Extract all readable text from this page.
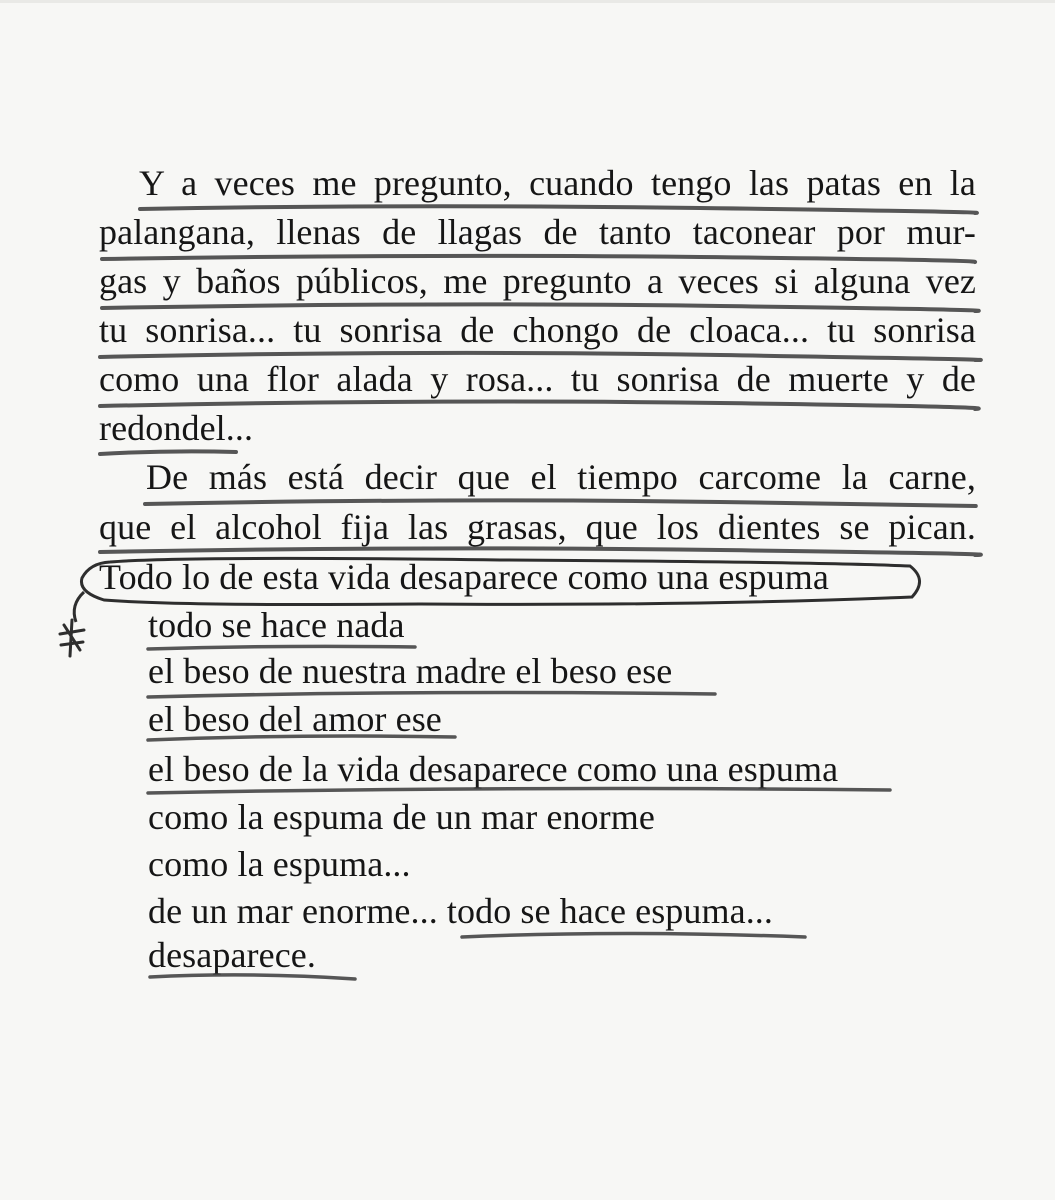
Y a veces me pregunto, cuando tengo las patas en la
palangana, llenas de llagas de tanto taconear por mur-
gas y baños públicos, me pregunto a veces si alguna vez
tu sonrisa... tu sonrisa de chongo de cloaca... tu sonrisa
como una flor alada y rosa... tu sonrisa de muerte y de
redondel...
De más está decir que el tiempo carcome la carne,
que el alcohol fija las grasas, que los dientes se pican.
Todo lo de esta vida desaparece como una espuma
todo se hace nada
el beso de nuestra madre el beso ese
el beso del amor ese
el beso de la vida desaparece como una espuma
como la espuma de un mar enorme
como la espuma...
de un mar enorme... todo se hace espuma...
desaparece.
